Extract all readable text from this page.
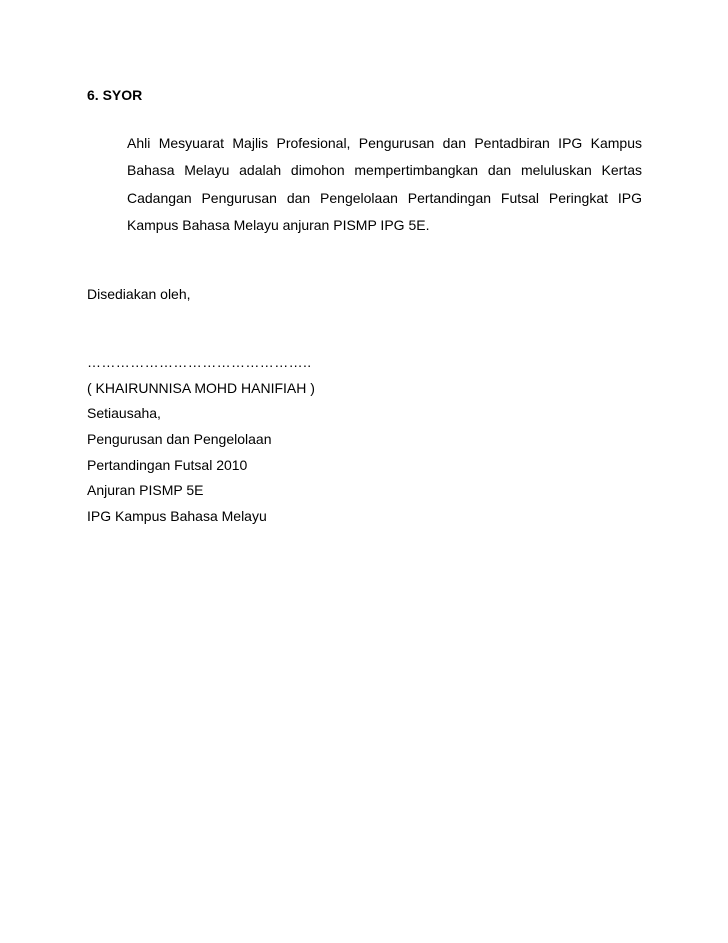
6. SYOR
Ahli Mesyuarat Majlis Profesional, Pengurusan dan Pentadbiran IPG Kampus Bahasa Melayu adalah dimohon mempertimbangkan dan meluluskan Kertas Cadangan Pengurusan dan Pengelolaan Pertandingan Futsal Peringkat IPG Kampus Bahasa Melayu anjuran PISMP IPG 5E.
Disediakan oleh,
………………………………………..
( KHAIRUNNISA MOHD HANIFIAH )
Setiausaha,
Pengurusan dan Pengelolaan
Pertandingan Futsal 2010
Anjuran PISMP 5E
IPG Kampus Bahasa Melayu
